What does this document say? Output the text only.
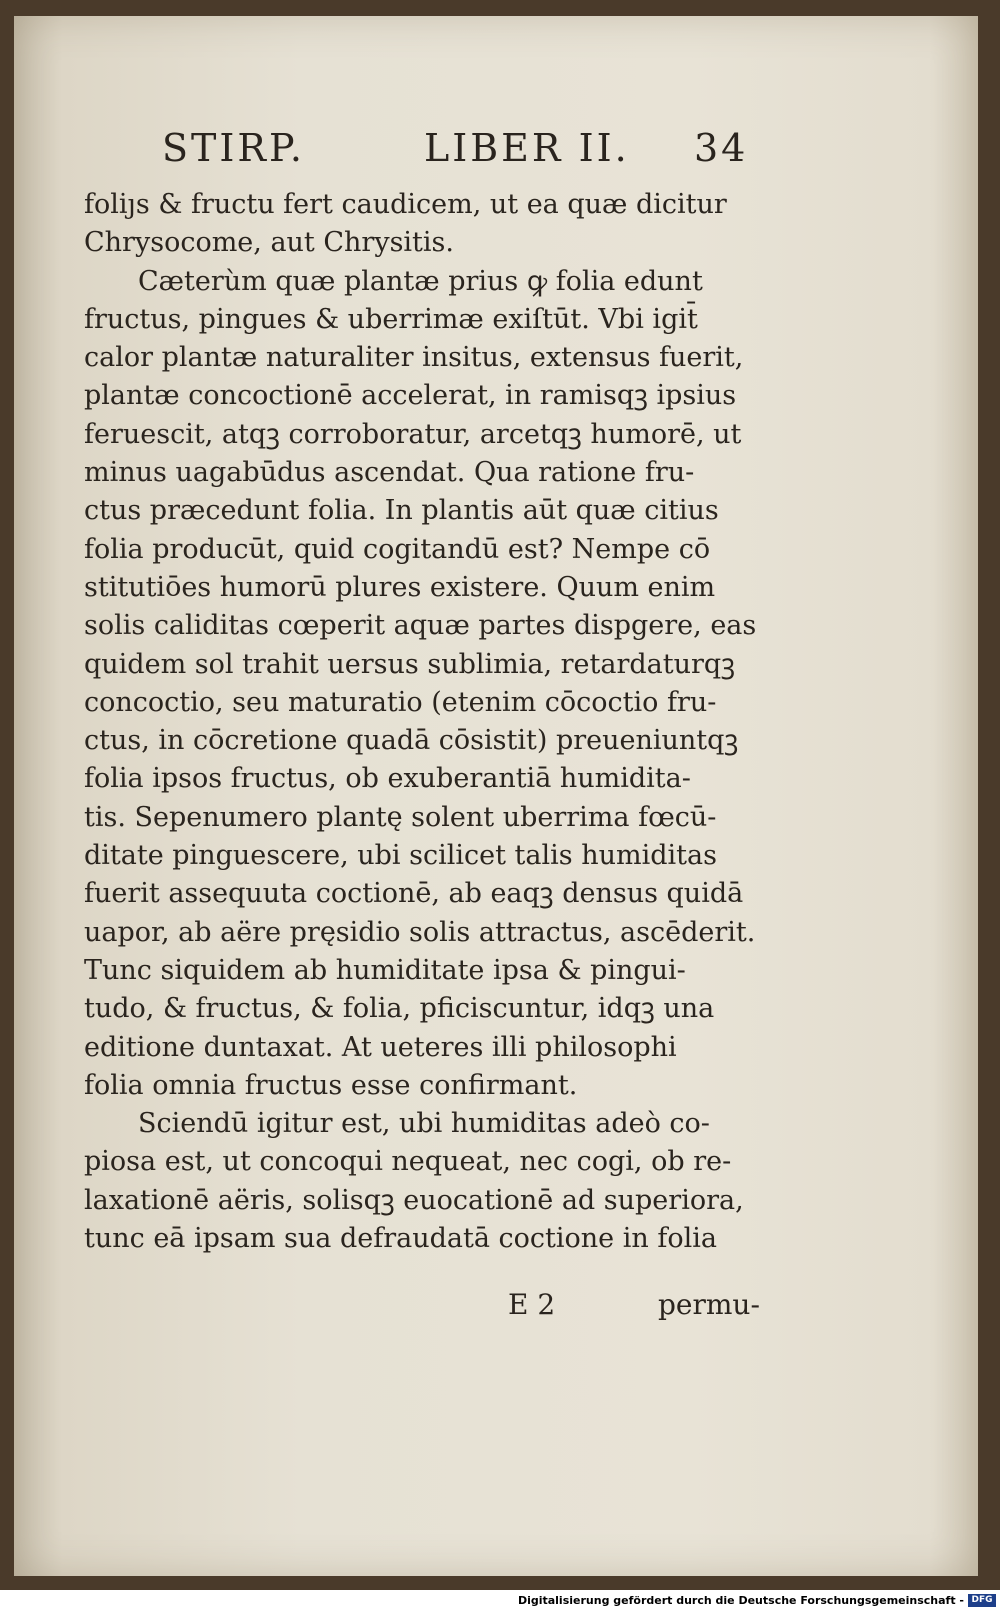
STIRP.	LIBER II. 34
foliȷs & fructu fert caudicem, ut ea quæ dicitur
Chrysocome, aut Chrysitis.
Cæterùm quæ plantæ prius ꝙ folia edunt
fructus, pingues & uberrimæ exiſtūt. Vbi igit̄
calor plantæ naturaliter insitus, extensus fuerit,
plantæ concoctionē accelerat, in ramisqꝫ ipsius
feruescit, atqꝫ corroboratur, arcetqꝫ humorē, ut
minus uagabūdus ascendat. Qua ratione fru-
ctus præcedunt folia. In plantis aūt quæ citius
folia producūt, quid cogitandū est? Nempe cō
stitutiōes humorū plures existere. Quum enim
solis caliditas cœperit aquæ partes dispgere, eas
quidem sol trahit uersus sublimia, retardaturqꝫ
concoctio, seu maturatio (etenim cōcoctio fru-
ctus, in cōcretione quadā cōsistit) preueniuntqꝫ
folia ipsos fructus, ob exuberantiā humidita-
tis. Sepenumero plantę solent uberrima fœcū-
ditate pinguescere, ubi scilicet talis humiditas
fuerit assequuta coctionē, ab eaqꝫ densus quidā
uapor, ab aëre pręsidio solis attractus, ascēderit.
Tunc siquidem ab humiditate ipsa & pingui-
tudo, & fructus, & folia, pficiscuntur, idqꝫ una
editione duntaxat. At ueteres illi philosophi
folia omnia fructus esse confirmant.
Sciendū igitur est, ubi humiditas adeò co-
piosa est, ut concoqui nequeat, nec cogi, ob re-
laxationē aëris, solisqꝫ euocationē ad superiora,
tunc eā ipsam sua defraudatā coctione in folia
E 2	permu-
Digitalisierung gefördert durch die Deutsche Forschungsgemeinschaft - DFG
